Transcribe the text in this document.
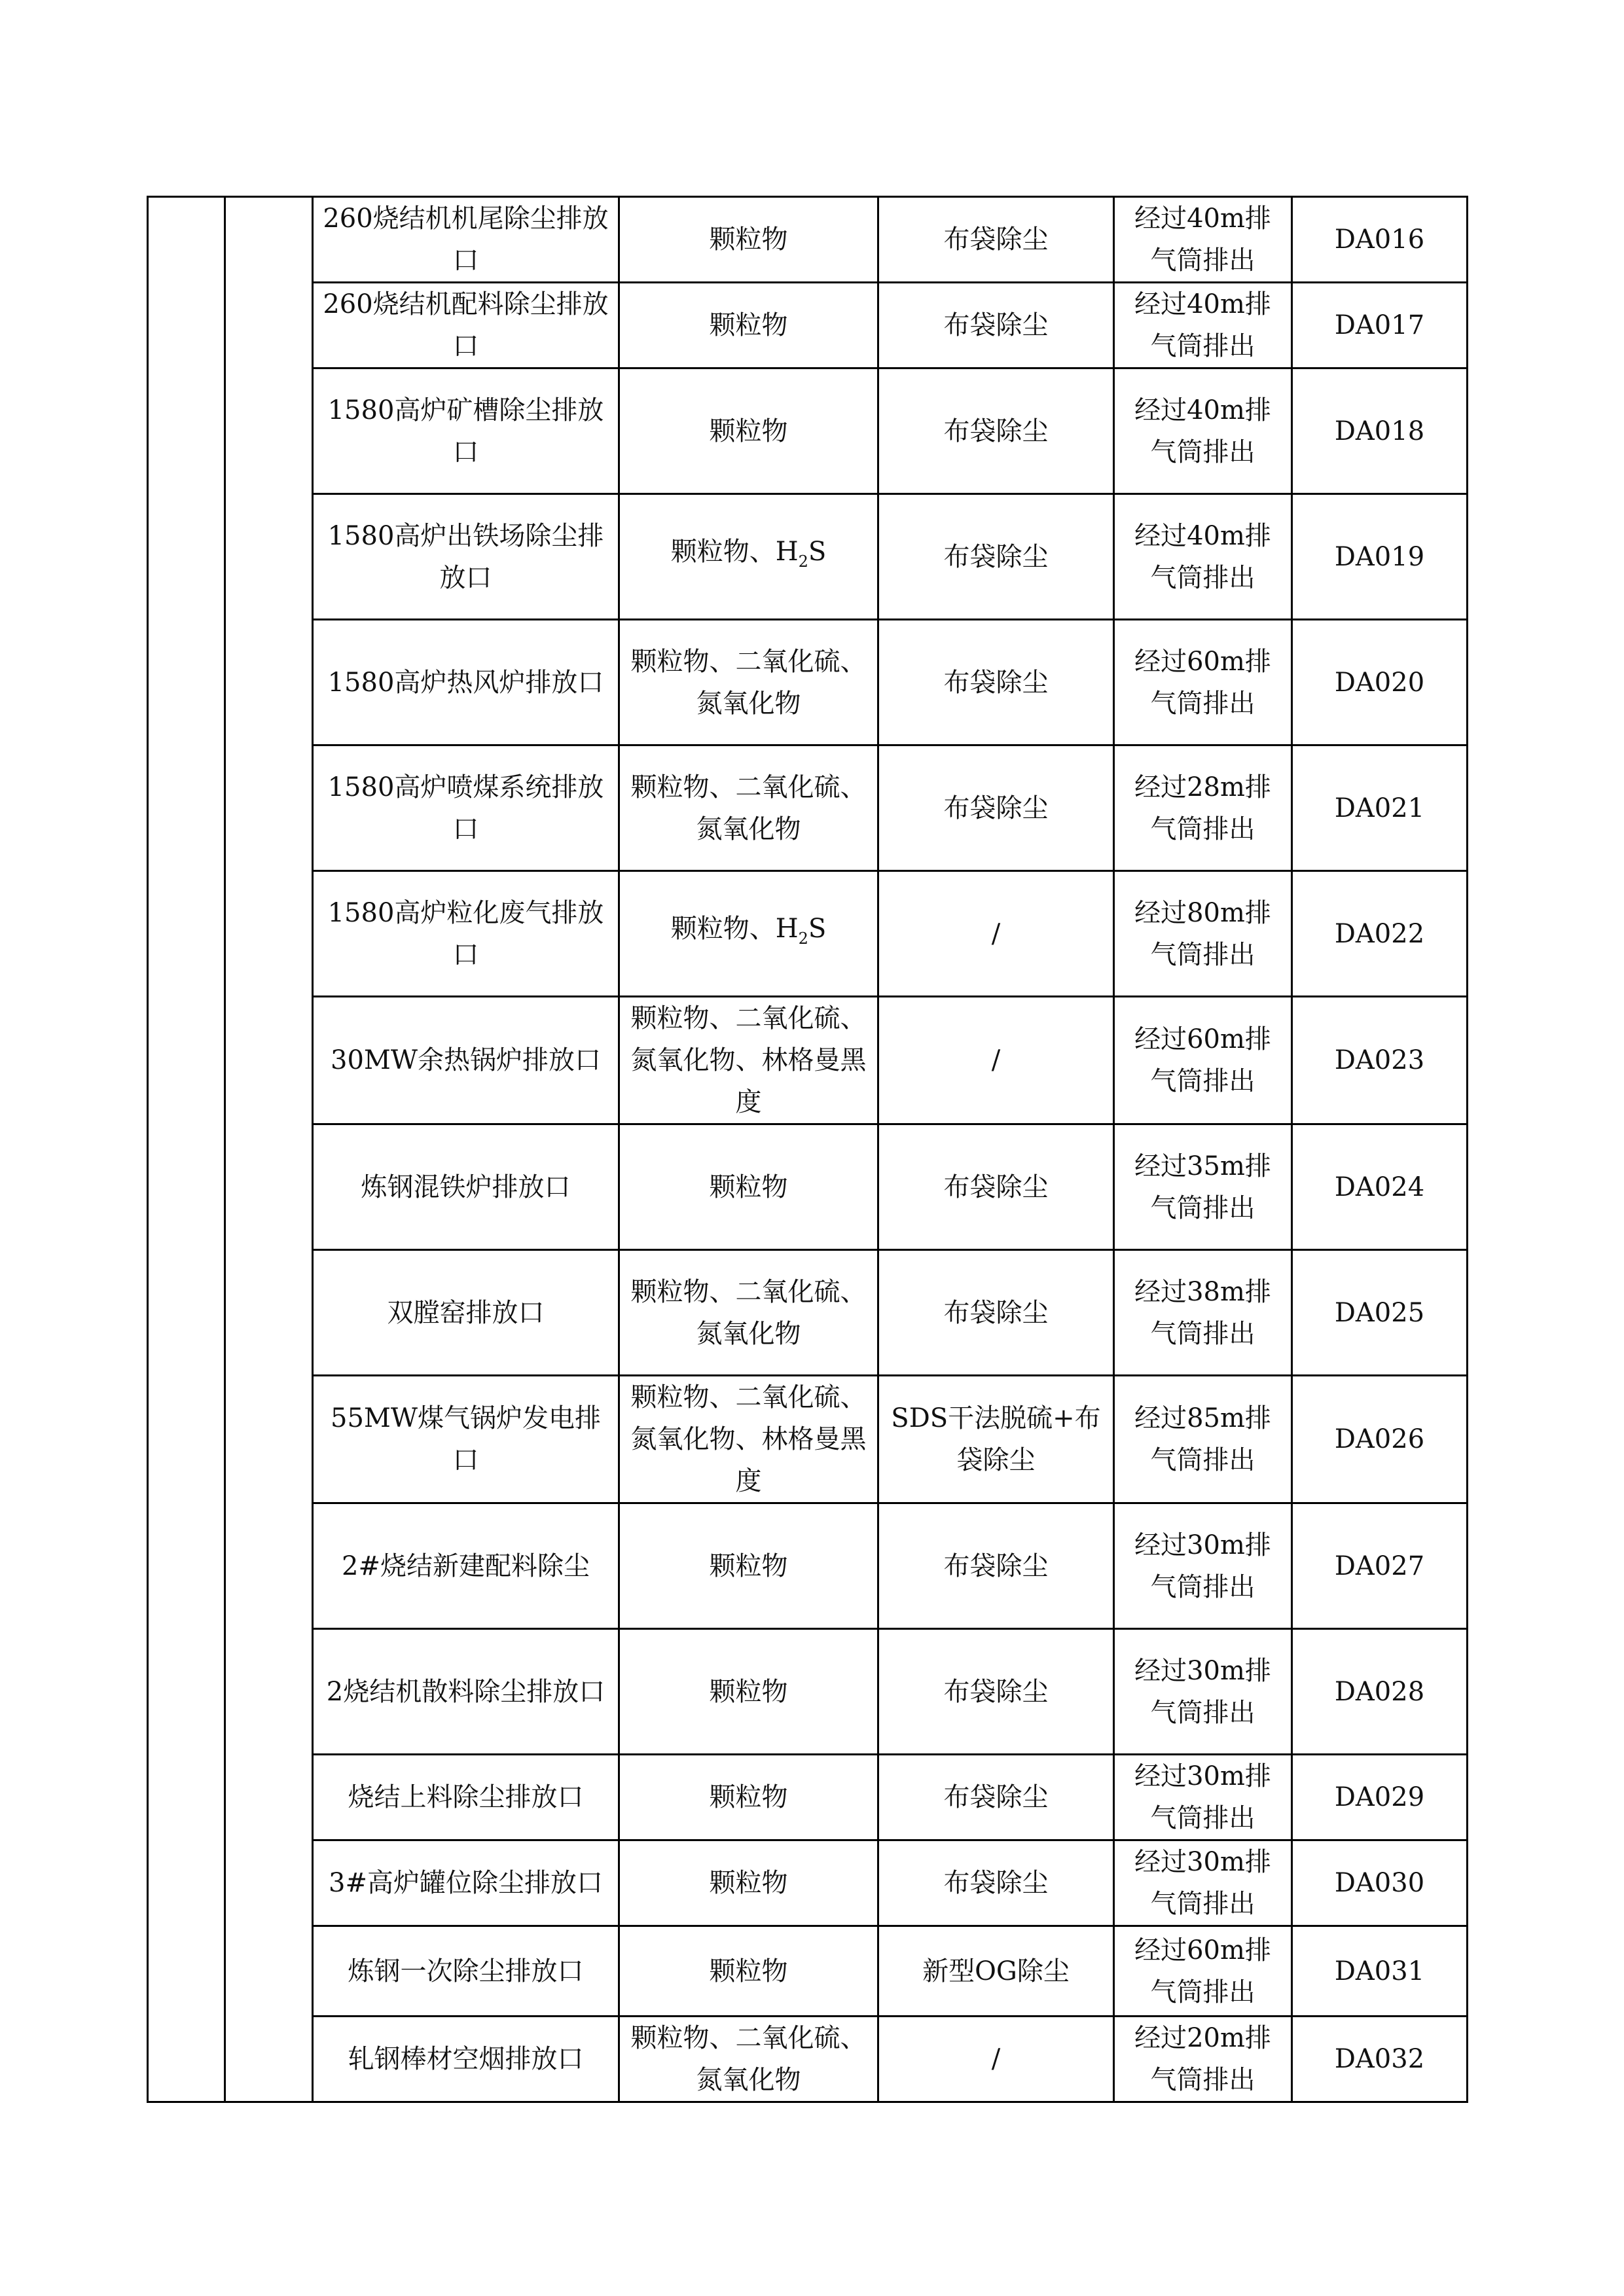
		260烧结机机尾除尘排放口	颗粒物	布袋除尘	经过40m排气筒排出	DA016
		260烧结机配料除尘排放口	颗粒物	布袋除尘	经过40m排气筒排出	DA017
		1580高炉矿槽除尘排放口	颗粒物	布袋除尘	经过40m排气筒排出	DA018
		1580高炉出铁场除尘排放口	颗粒物、$H_2S$	布袋除尘	经过40m排气筒排出	DA019
		1580高炉热风炉排放口	颗粒物、二氧化硫、氮氧化物	布袋除尘	经过60m排气筒排出	DA020
		1580高炉喷煤系统排放口	颗粒物、二氧化硫、氮氧化物	布袋除尘	经过28m排气筒排出	DA021
		1580高炉粒化废气排放口	颗粒物、$H_2S$	/	经过80m排气筒排出	DA022
		30MW余热锅炉排放口	颗粒物、二氧化硫、氮氧化物、林格曼黑度	/	经过60m排气筒排出	DA023
		炼钢混铁炉排放口	颗粒物	布袋除尘	经过35m排气筒排出	DA024
		双膛窑排放口	颗粒物、二氧化硫、氮氧化物	布袋除尘	经过38m排气筒排出	DA025
		55MW煤气锅炉发电排口	颗粒物、二氧化硫、氮氧化物、林格曼黑度	SDS干法脱硫+布袋除尘	经过85m排气筒排出	DA026
		2#烧结新建配料除尘	颗粒物	布袋除尘	经过30m排气筒排出	DA027
		2烧结机散料除尘排放口	颗粒物	布袋除尘	经过30m排气筒排出	DA028
		烧结上料除尘排放口	颗粒物	布袋除尘	经过30m排气筒排出	DA029
		3#高炉罐位除尘排放口	颗粒物	布袋除尘	经过30m排气筒排出	DA030
		炼钢一次除尘排放口	颗粒物	新型OG除尘	经过60m排气筒排出	DA031
		轧钢棒材空烟排放口	颗粒物、二氧化硫、氮氧化物	/	经过20m排气筒排出	DA032
